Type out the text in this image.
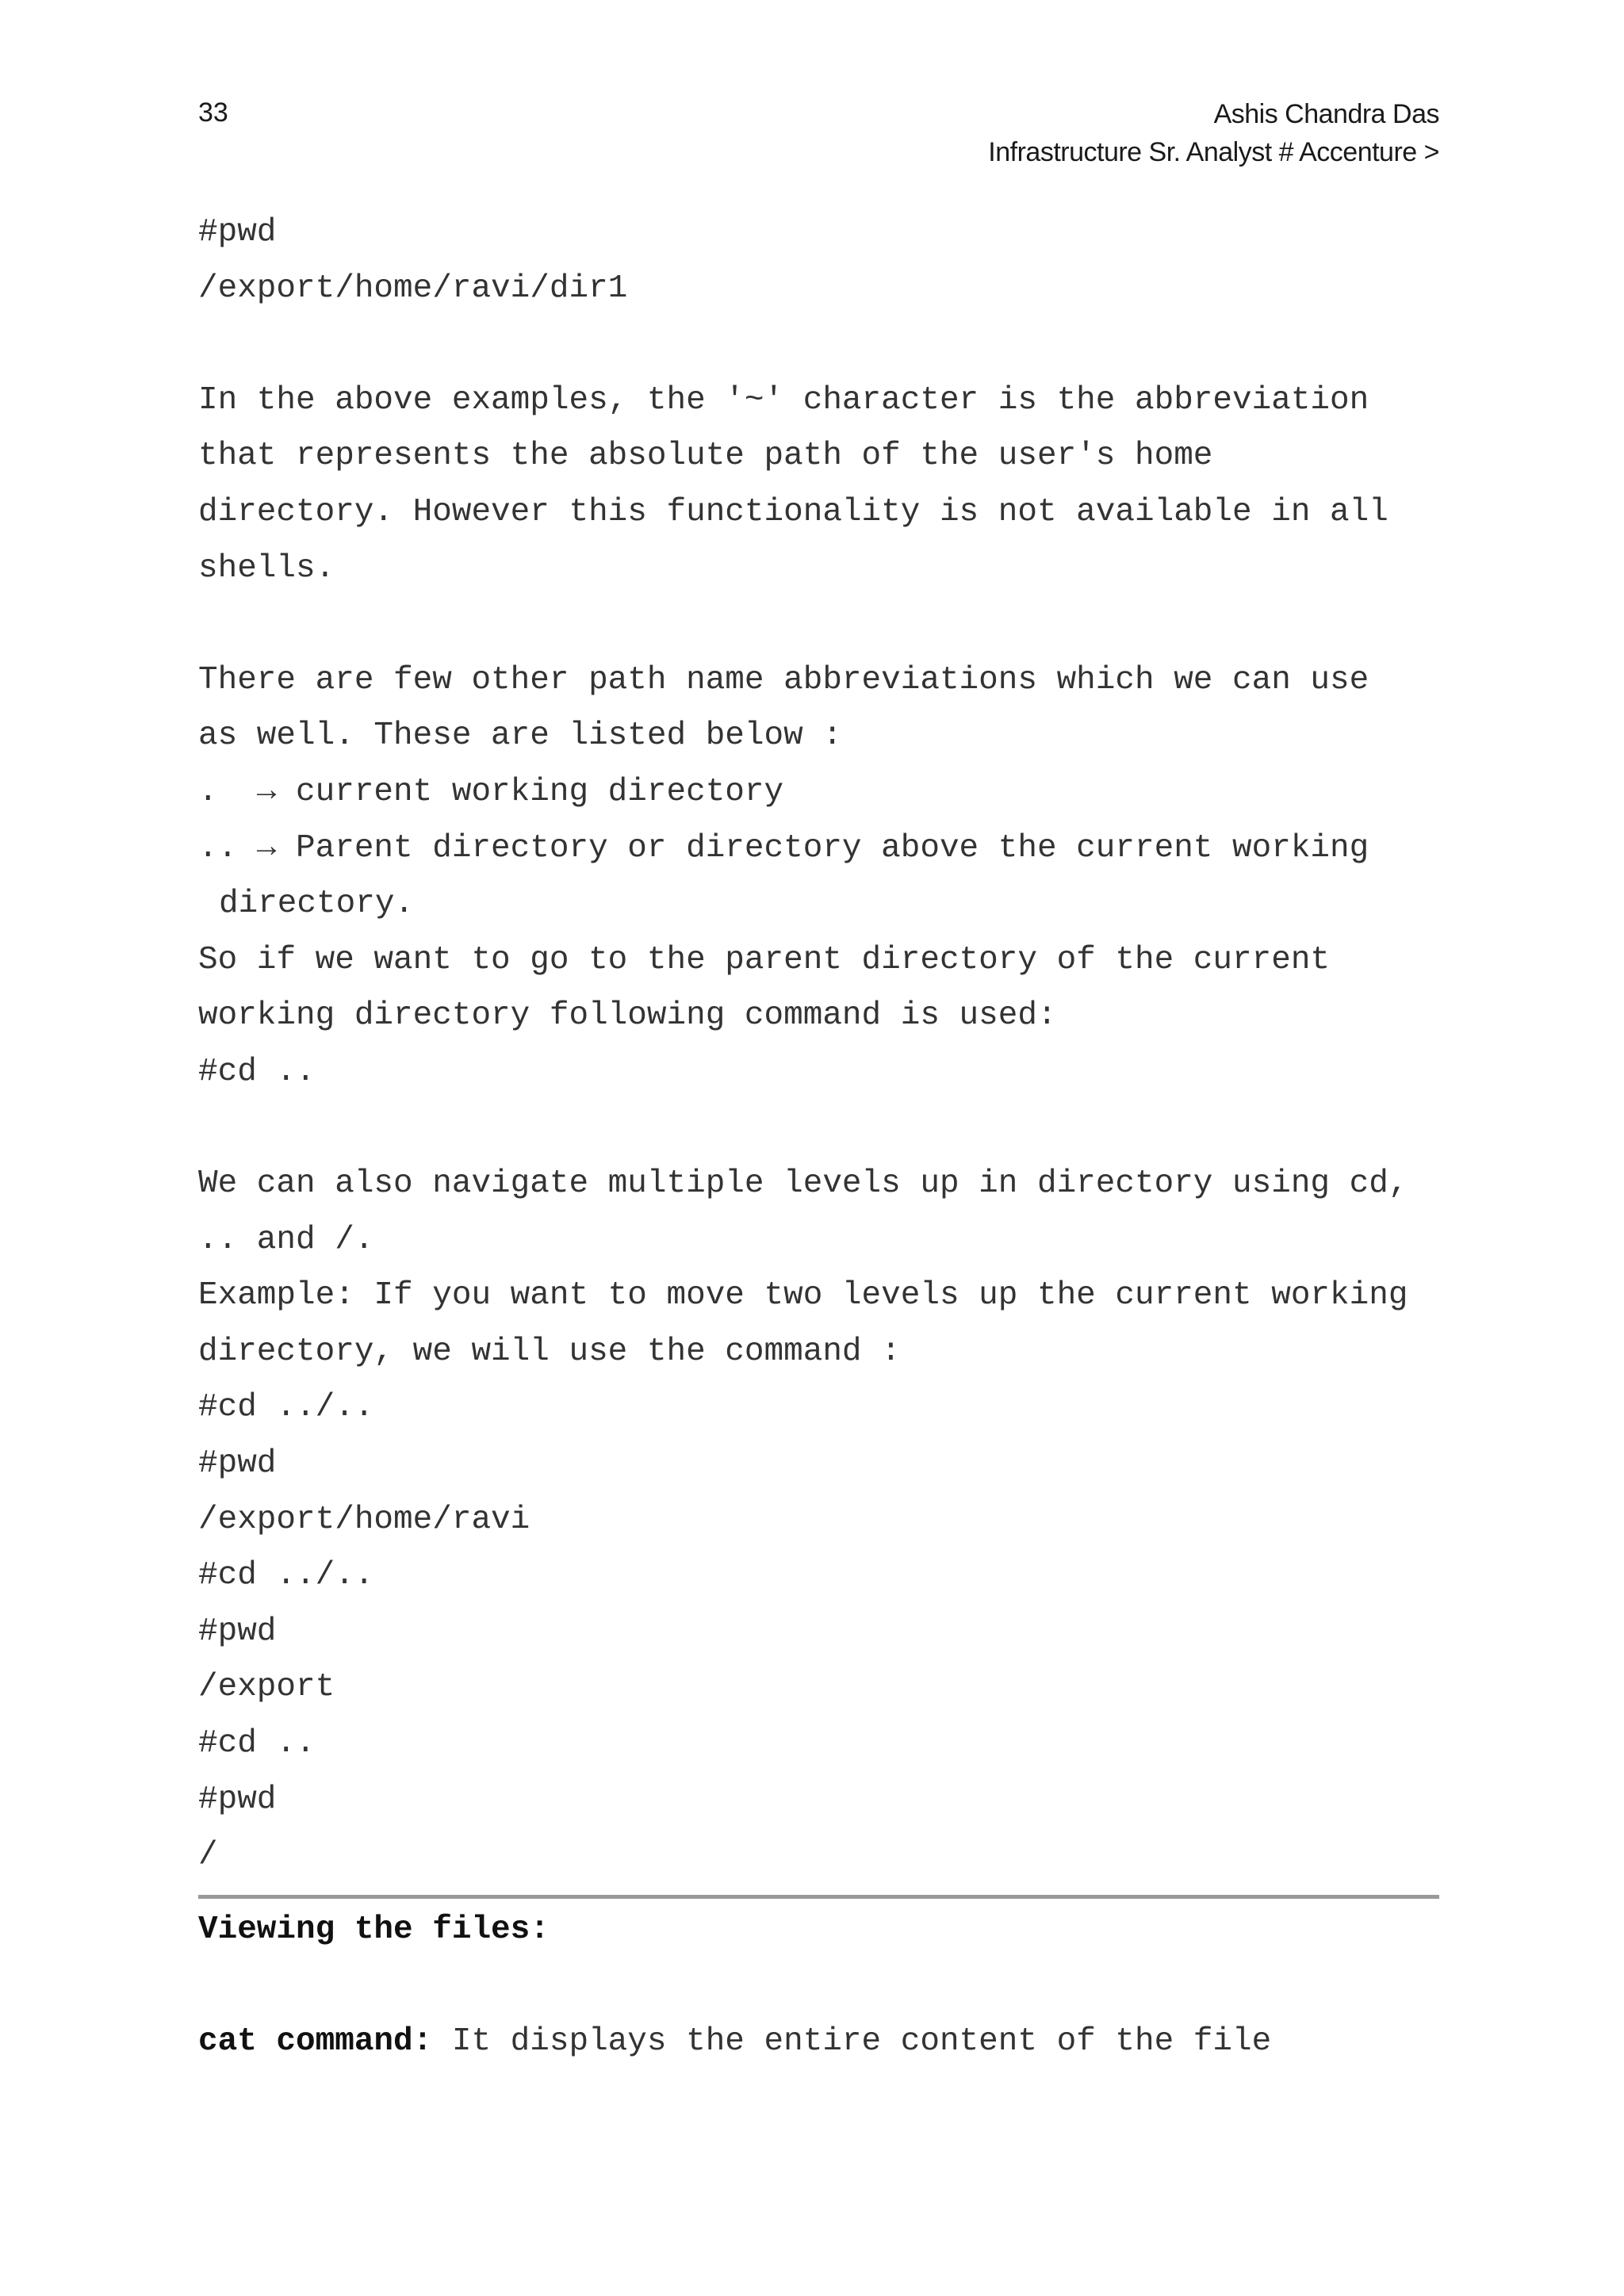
33	Ashis Chandra Das
Infrastructure Sr. Analyst # Accenture >
#pwd
/export/home/ravi/dir1
In the above examples, the '~' character is the abbreviation
that represents the absolute path of the user's home
directory. However this functionality is not available in all
shells.
There are few other path name abbreviations which we can use
as well. These are listed below :
.  → current working directory
.. → Parent directory or directory above the current working
directory.
So if we want to go to the parent directory of the current
working directory following command is used:
#cd ..
We can also navigate multiple levels up in directory using cd,
.. and /.
Example: If you want to move two levels up the current working
directory, we will use the command :
#cd ../..
#pwd
/export/home/ravi
#cd ../..
#pwd
/export
#cd ..
#pwd
/
Viewing the files:
cat command: It displays the entire content of the file
